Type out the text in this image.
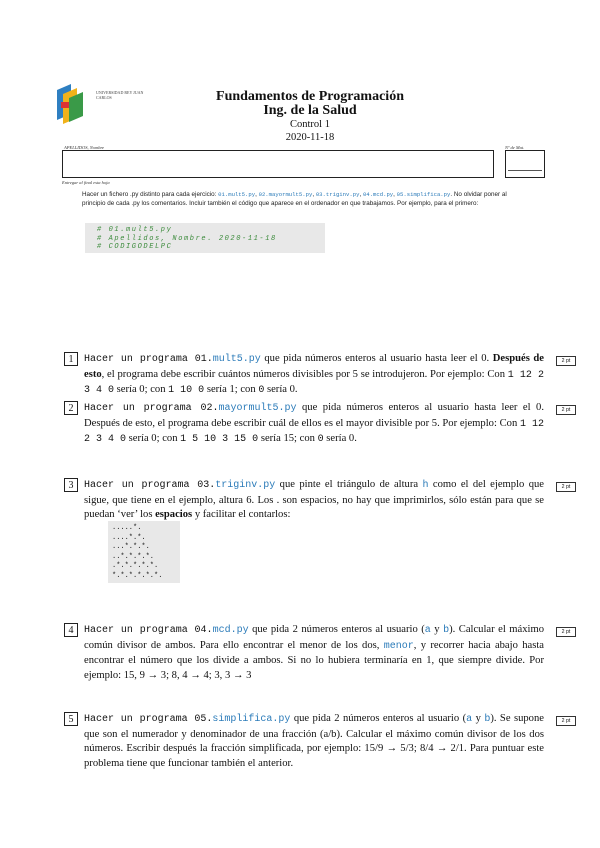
UNIVERSIDAD REY JUAN CARLOS	Fundamentos de Programación
Ing. de la Salud
Control 1
2020-11-18
APELLIDOS, Nombre	Nº de Mat.
Entregar al final esta hoja
Hacer un fichero .py distinto para cada ejercicio: 01.mult5.py, 02.mayormult5.py, 03.triginv.py, 04.mcd.py, 05.simplifica.py. No olvidar poner al principio de cada .py los comentarios. Incluir también el código que aparece en el ordenador en que trabajamos. Por ejemplo, para el primero:
# 01.mult5.py
# Apellidos, Nombre. 2020-11-18
# CODIGODELPC
1	Hacer un programa 01.mult5.py que pida números enteros al usuario hasta leer el 0. Después de esto, el programa debe escribir cuántos números divisibles por 5 se introdujeron. Por ejemplo: Con 1 12 2 3 4 0 sería 0; con 1 10 0 sería 1; con 0 sería 0.
2 pt
2	Hacer un programa 02.mayormult5.py que pida números enteros al usuario hasta leer el 0. Después de esto, el programa debe escribir cuál de ellos es el mayor divisible por 5. Por ejemplo: Con 1 12 2 3 4 0 sería 0; con 1 5 10 3 15 0 sería 15; con 0 sería 0.
2 pt
3	Hacer un programa 03.triginv.py que pinte el triángulo de altura h como el del ejemplo que sigue, que tiene en el ejemplo, altura 6. Los . son espacios, no hay que imprimirlos, sólo están para que se puedan ‘ver’ los espacios y facilitar el contarlos:
2 pt
.....*.
....*.*.
...*.*.*.
..*.*.*.*.
.*.*.*.*.*.
*.*.*.*.*.*.
4	Hacer un programa 04.mcd.py que pida 2 números enteros al usuario (a y b). Calcular el máximo común divisor de ambos. Para ello encontrar el menor de los dos, menor, y recorrer hacia abajo hasta encontrar el número que los divide a ambos. Si no lo hubiera terminaría en 1, que siempre divide. Por ejemplo: 15, 9 → 3; 8, 4 → 4; 3, 3 → 3
2 pt
5	Hacer un programa 05.simplifica.py que pida 2 números enteros al usuario (a y b). Se supone que son el numerador y denominador de una fracción (a/b). Calcular el máximo común divisor de los dos números. Escribir después la fracción simplificada, por ejemplo: 15/9 → 5/3; 8/4 → 2/1. Para puntuar este problema tiene que funcionar también el anterior.
2 pt
